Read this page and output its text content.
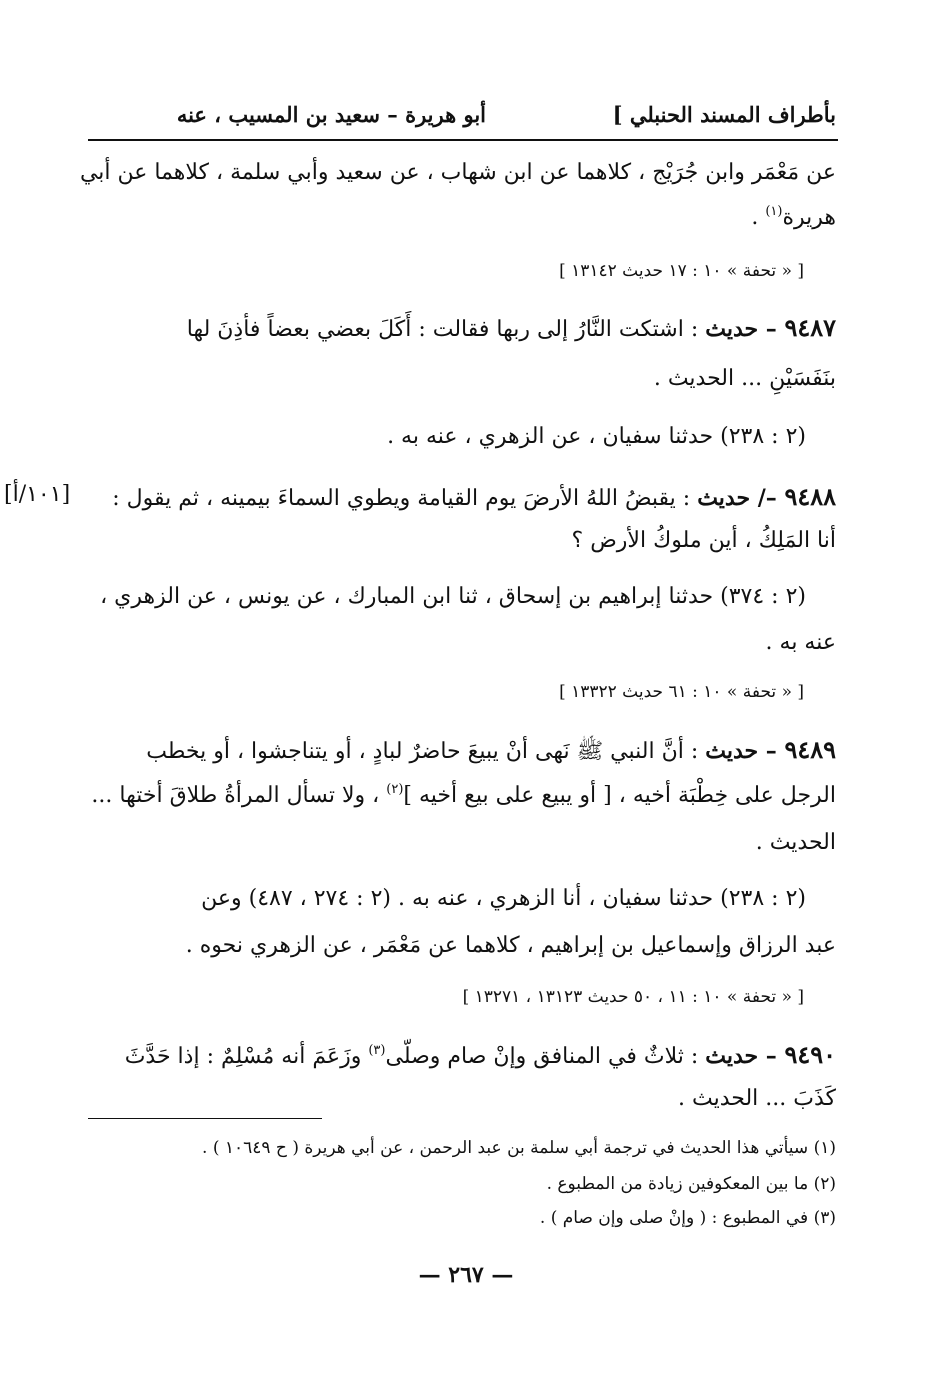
بأطراف المسند الحنبلي ]
أبو هريرة – سعيد بن المسيب ، عنه
عن مَعْمَر وابن جُرَيْج ، كلاهما عن ابن شهاب ، عن سعيد وأبي سلمة ، كلاهما عن أبي
هريرة$^{(١)}$ .
[ « تحفة » ١٠ : ١٧ حديث ١٣١٤٢ ]
٩٤٨٧ – حديث : اشتكت النَّارُ إلى ربها فقالت : أَكَلَ بعضي بعضاً فأذِنَ لها
بنَفَسَيْنِ ... الحديث .
(٢ : ٢٣٨) حدثنا سفيان ، عن الزهري ، عنه به .
٩٤٨٨ –/ حديث : يقبضُ اللهُ الأرضَ يوم القيامة ويطوي السماءَ بيمينه ، ثم يقول :
[١٠١/أ]
أنا المَلِكُ ، أين ملوكُ الأرض ؟
(٢ : ٣٧٤) حدثنا إبراهيم بن إسحاق ، ثنا ابن المبارك ، عن يونس ، عن الزهري ،
عنه به .
[ « تحفة » ١٠ : ٦١ حديث ١٣٣٢٢ ]
٩٤٨٩ – حديث : أنَّ النبي ﷺ نَهى أنْ يبيعَ حاضرٌ لبادٍ ، أو يتناجشوا ، أو يخطب
الرجل على خِطْبَة أخيه ، [ أو يبيع على بيع أخيه ]$^{(٢)}$ ، ولا تسأل المرأةُ طلاقَ أختها ...
الحديث .
(٢ : ٢٣٨) حدثنا سفيان ، أنا الزهري ، عنه به . (٢ : ٢٧٤ ، ٤٨٧) وعن
عبد الرزاق وإسماعيل بن إبراهيم ، كلاهما عن مَعْمَر ، عن الزهري نحوه .
[ « تحفة » ١٠ : ١١ ، ٥٠ حديث ١٣١٢٣ ، ١٣٢٧١ ]
٩٤٩٠ – حديث : ثلاثٌ في المنافق وإنْ صام وصلّى$^{(٣)}$ وزَعَمَ أنه مُسْلِمٌ : إذا حَدَّثَ
كَذَبَ ... الحديث .
(١) سيأتي هذا الحديث في ترجمة أبي سلمة بن عبد الرحمن ، عن أبي هريرة ( ح ١٠٦٤٩ ) .
(٢) ما بين المعكوفين زيادة من المطبوع .
(٣) في المطبوع : ( وإنْ صلى وإن صام ) .
— ٢٦٧ —
